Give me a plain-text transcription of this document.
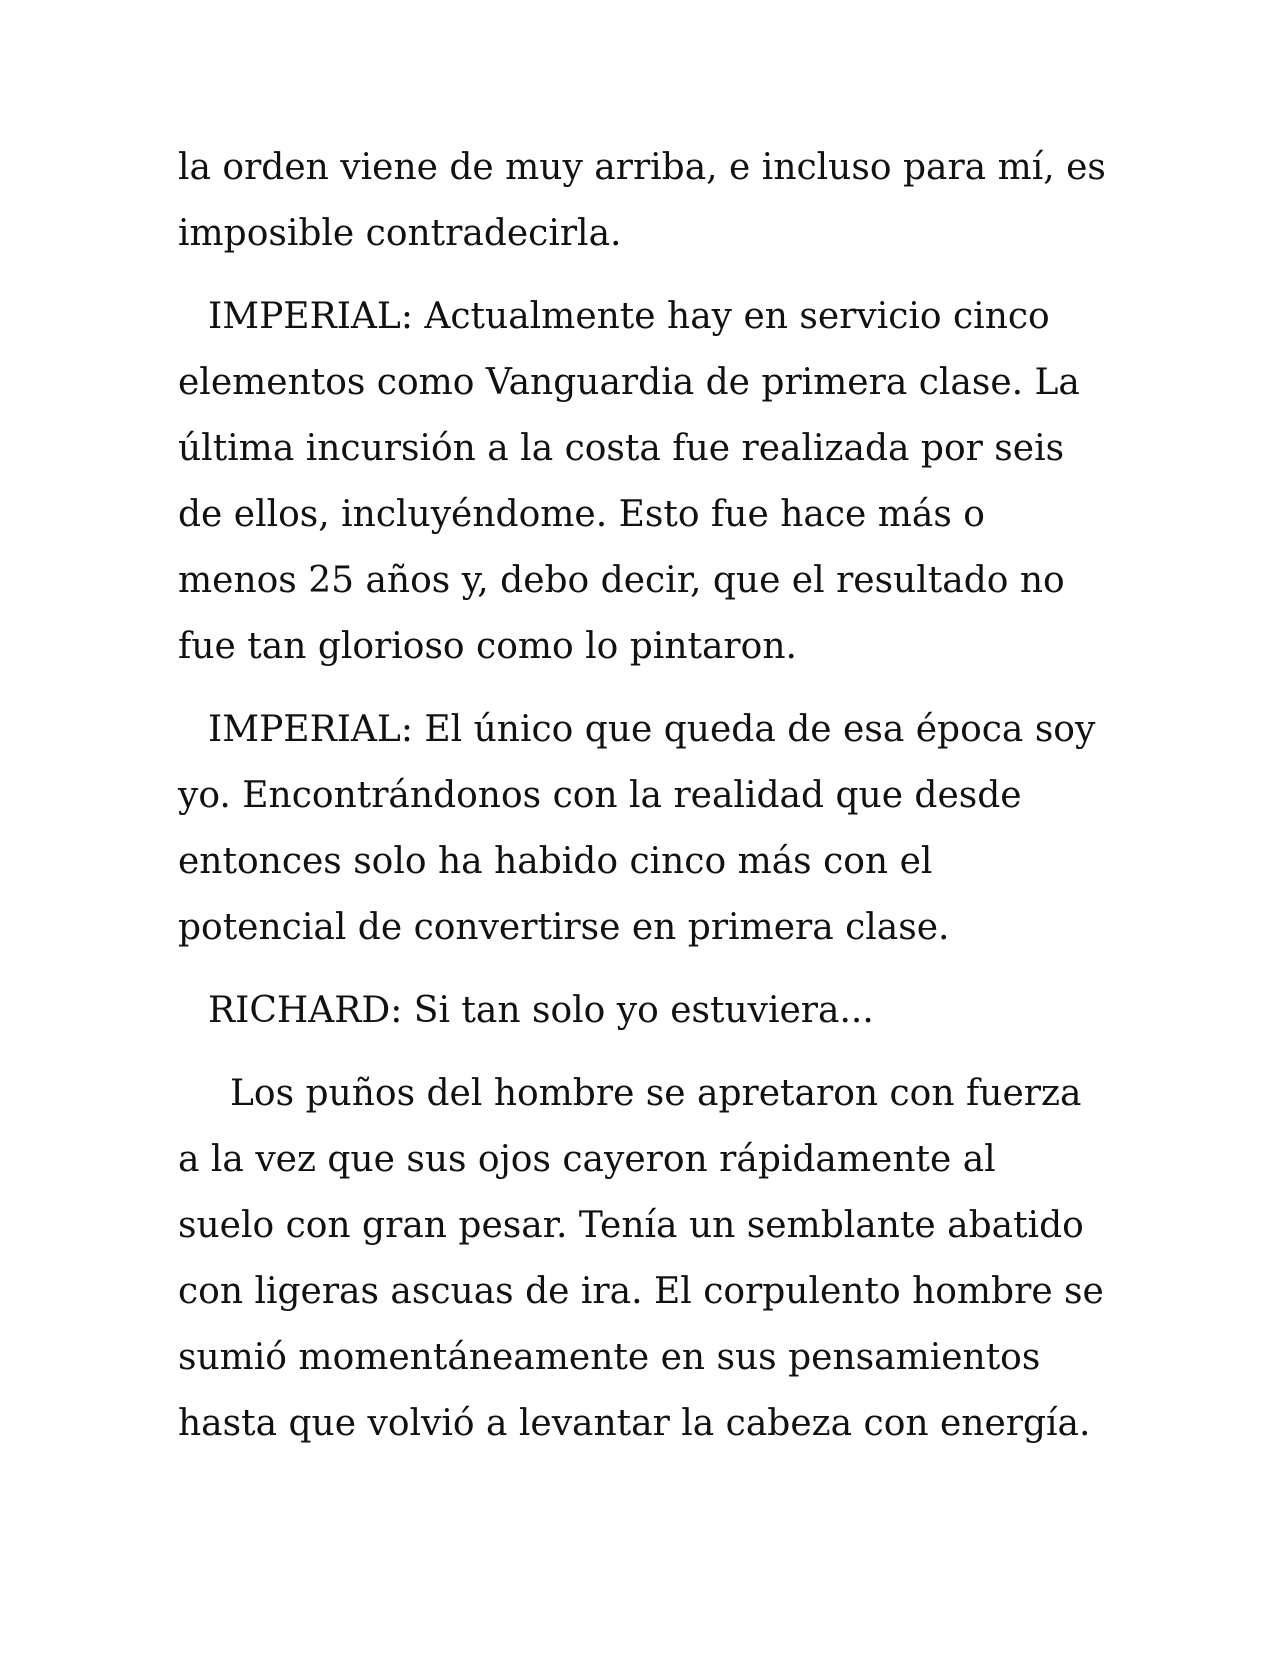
la orden viene de muy arriba, e incluso para mí, es
imposible contradecirla.

IMPERIAL: Actualmente hay en servicio cinco
elementos como Vanguardia de primera clase. La
última incursión a la costa fue realizada por seis
de ellos, incluyéndome. Esto fue hace más o
menos 25 años y, debo decir, que el resultado no
fue tan glorioso como lo pintaron.

IMPERIAL: El único que queda de esa época soy
yo. Encontrándonos con la realidad que desde
entonces solo ha habido cinco más con el
potencial de convertirse en primera clase.

RICHARD: Si tan solo yo estuviera...

Los puños del hombre se apretaron con fuerza
a la vez que sus ojos cayeron rápidamente al
suelo con gran pesar. Tenía un semblante abatido
con ligeras ascuas de ira. El corpulento hombre se
sumió momentáneamente en sus pensamientos
hasta que volvió a levantar la cabeza con energía.
